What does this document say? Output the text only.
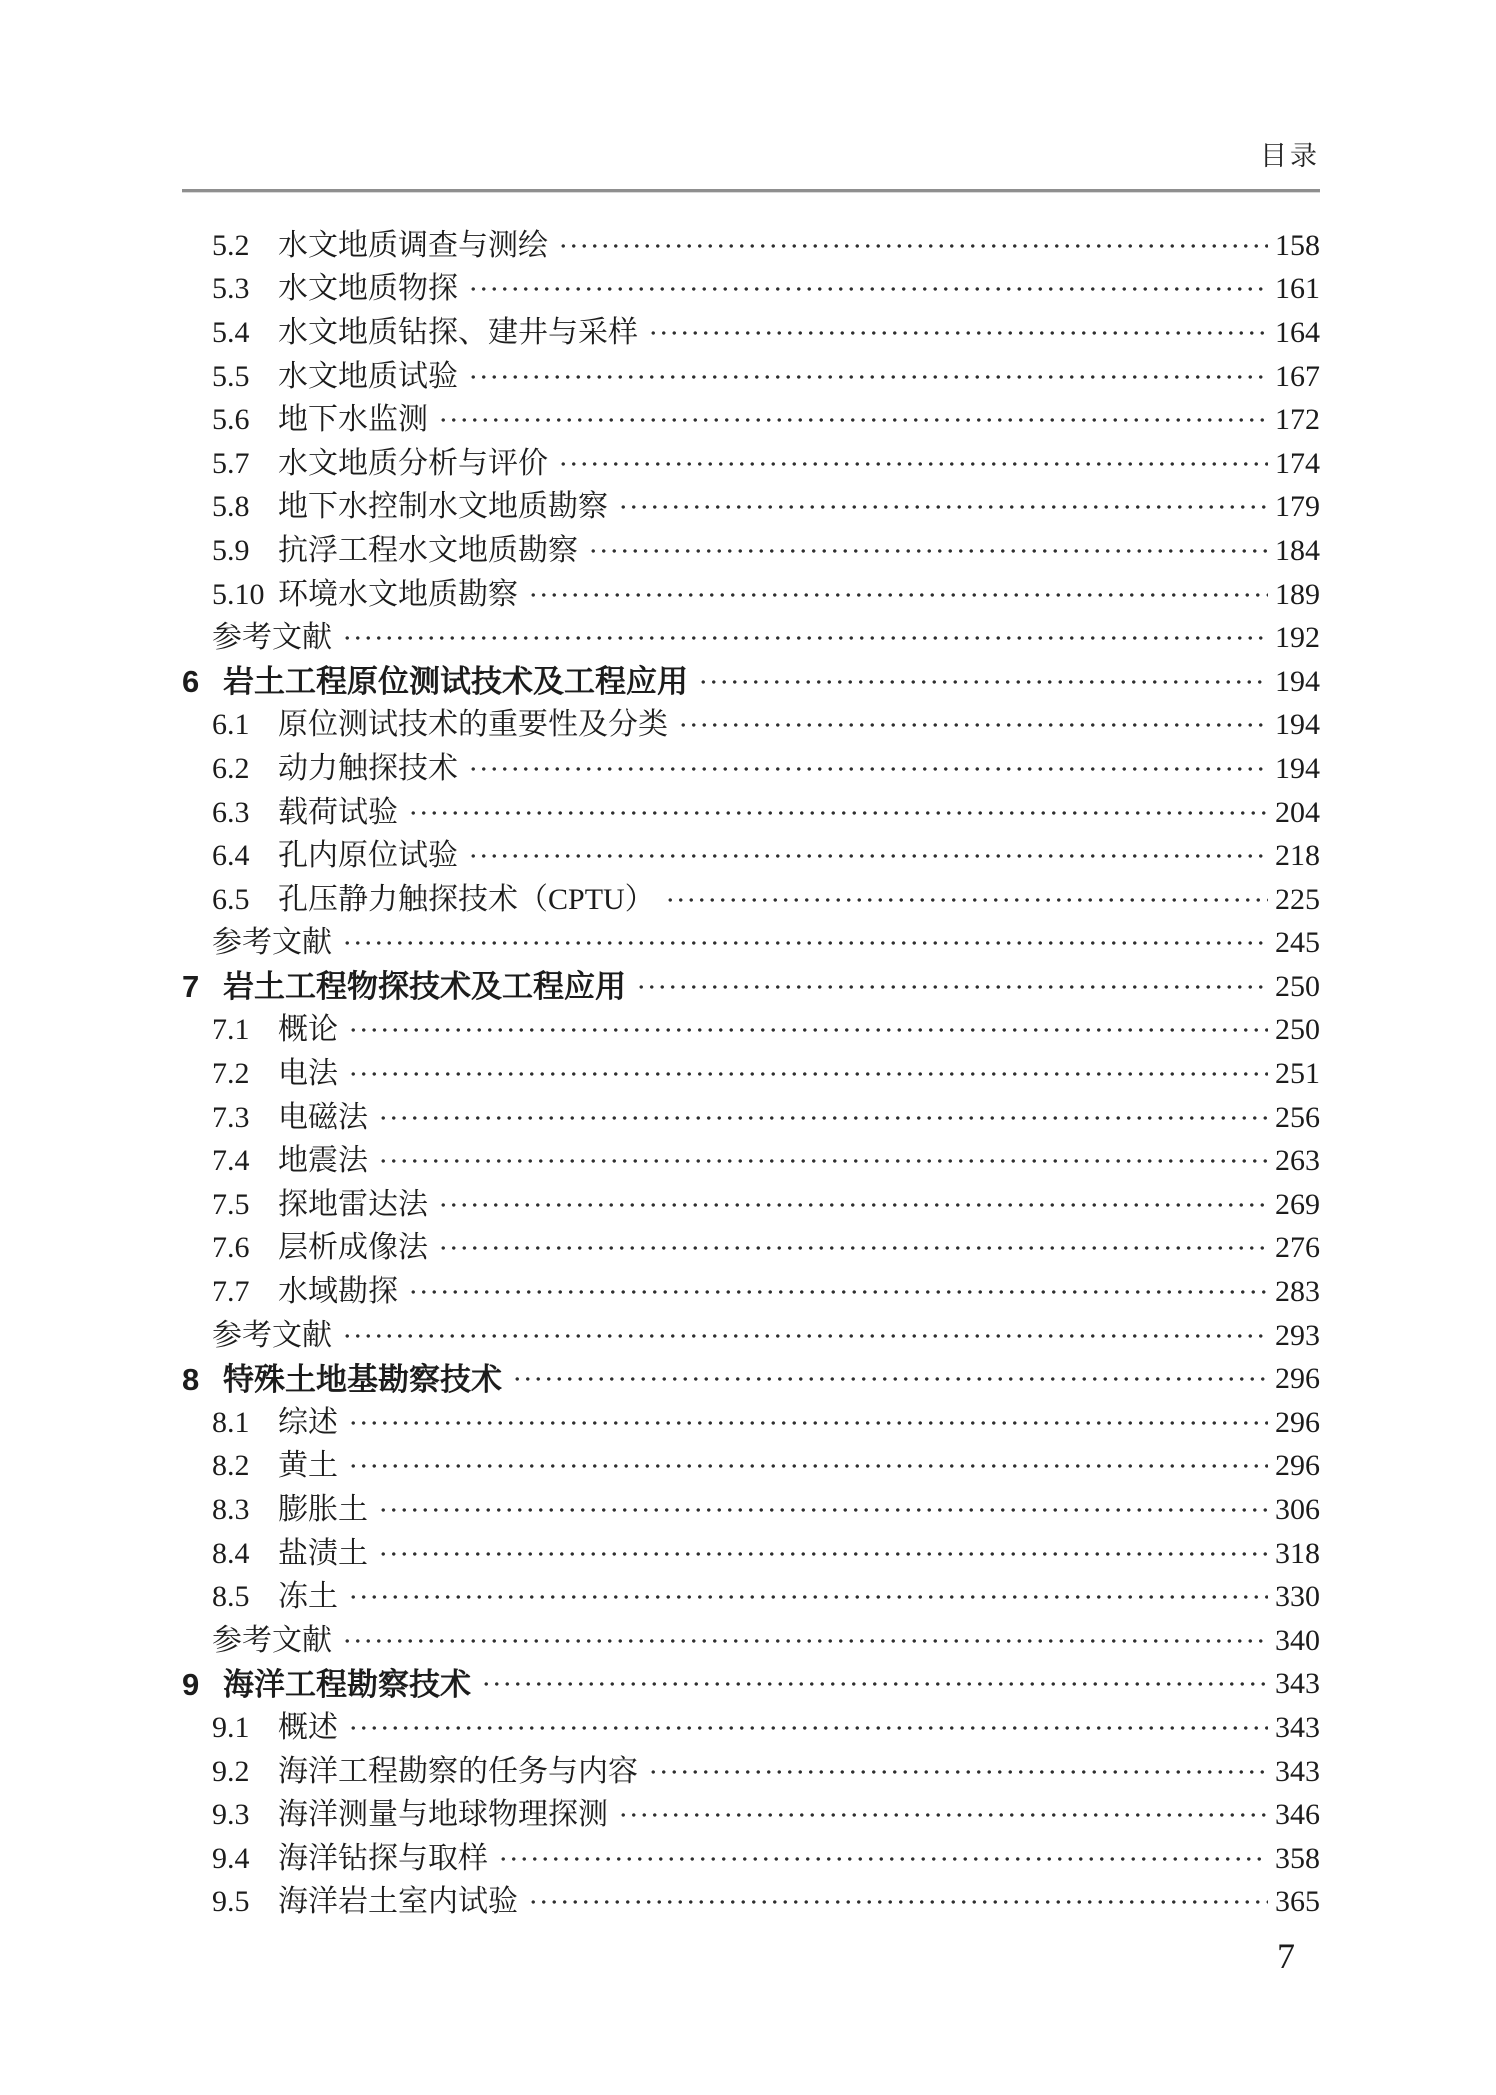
目录
5.2 水文地质调查与测绘	158
5.3 水文地质物探	161
5.4 水文地质钻探、建井与采样	164
5.5 水文地质试验	167
5.6 地下水监测	172
5.7 水文地质分析与评价	174
5.8 地下水控制水文地质勘察	179
5.9 抗浮工程水文地质勘察	184
5.10 环境水文地质勘察	189
参考文献	192
6 岩土工程原位测试技术及工程应用	194
6.1 原位测试技术的重要性及分类	194
6.2 动力触探技术	194
6.3 载荷试验	204
6.4 孔内原位试验	218
6.5 孔压静力触探技术（CPTU）	225
参考文献	245
7 岩土工程物探技术及工程应用	250
7.1 概论	250
7.2 电法	251
7.3 电磁法	256
7.4 地震法	263
7.5 探地雷达法	269
7.6 层析成像法	276
7.7 水域勘探	283
参考文献	293
8 特殊土地基勘察技术	296
8.1 综述	296
8.2 黄土	296
8.3 膨胀土	306
8.4 盐渍土	318
8.5 冻土	330
参考文献	340
9 海洋工程勘察技术	343
9.1 概述	343
9.2 海洋工程勘察的任务与内容	343
9.3 海洋测量与地球物理探测	346
9.4 海洋钻探与取样	358
9.5 海洋岩土室内试验	365
7
